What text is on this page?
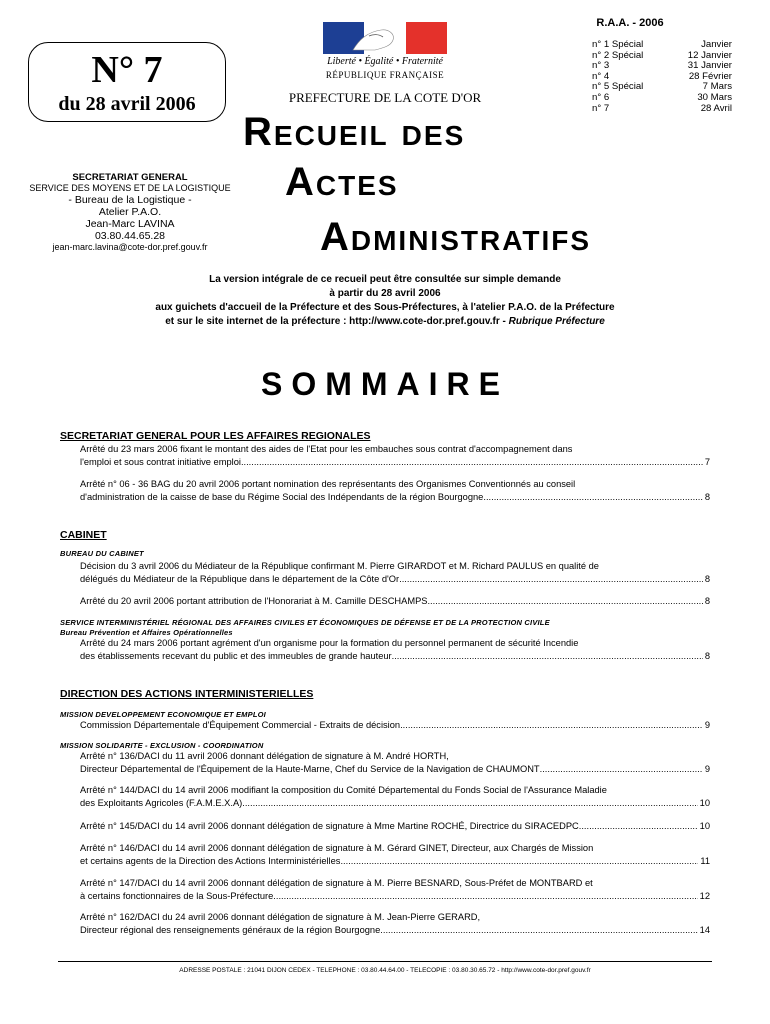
N° 7
du 28 avril 2006
Liberté • Égalité • Fraternité
RÉPUBLIQUE FRANÇAISE
PREFECTURE DE LA COTE D'OR
R.A.A. - 2006
n° 1 Spécial	Janvier
n° 2 Spécial	12 Janvier
n° 3	31 Janvier
n° 4	28 Février
n° 5 Spécial	7 Mars
n° 6	30 Mars
n° 7	28 Avril
Recueil des
Actes
Administratifs
SECRETARIAT GENERAL
SERVICE DES MOYENS ET DE LA LOGISTIQUE
- Bureau de la Logistique -
Atelier P.A.O.
Jean-Marc LAVINA
03.80.44.65.28
jean-marc.lavina@cote-dor.pref.gouv.fr
La version intégrale de ce recueil peut être consultée sur simple demande
à partir du 28 avril 2006
aux guichets d'accueil de la Préfecture et des Sous-Préfectures, à l'atelier P.A.O. de la Préfecture
et sur le site internet de la préfecture : http://www.cote-dor.pref.gouv.fr - Rubrique Préfecture
SOMMAIRE
SECRETARIAT GENERAL POUR LES AFFAIRES REGIONALES
Arrêté du 23 mars 2006 fixant le montant des aides de l'Etat pour les embauches sous contrat d'accompagnement dans
l'emploi et sous contrat initiative emploi .....	7
Arrêté n° 06 - 36 BAG du 20 avril 2006 portant nomination des représentants des Organismes Conventionnés au conseil
d'administration de la caisse de base du Régime Social des Indépendants de la région Bourgogne .....	8
CABINET
BUREAU DU CABINET
Décision du 3 avril 2006 du Médiateur de la République confirmant M. Pierre GIRARDOT et M. Richard PAULUS en qualité de
délégués du Médiateur de la République dans le département de la Côte d'Or .....	8
Arrêté du 20 avril 2006 portant attribution de l'Honorariat à M. Camille DESCHAMPS .....	8
SERVICE INTERMINISTÉRIEL RÉGIONAL DES AFFAIRES CIVILES ET ÉCONOMIQUES DE DÉFENSE ET DE LA PROTECTION CIVILE
Bureau Prévention et Affaires Opérationnelles
Arrêté du 24 mars 2006 portant agrément d'un organisme pour la formation du personnel permanent de sécurité Incendie
des établissements recevant du public et des immeubles de grande hauteur .....	8
DIRECTION DES ACTIONS INTERMINISTERIELLES
MISSION DEVELOPPEMENT ECONOMIQUE ET EMPLOI
Commission Départementale d'Équipement Commercial - Extraits de décision .....	9
MISSION SOLIDARITE - EXCLUSION - COORDINATION
Arrêté n° 136/DACI du 11 avril 2006 donnant délégation de signature à M. André HORTH,
Directeur Départemental de l'Équipement de la Haute-Marne, Chef du Service de la Navigation de CHAUMONT .....	9
Arrêté n° 144/DACI du 14 avril 2006 modifiant la composition du Comité Départemental du Fonds Social de l'Assurance Maladie
des Exploitants Agricoles (F.A.M.E.X.A) .....	10
Arrêté n° 145/DACI du 14 avril 2006 donnant délégation de signature à Mme Martine ROCHÉ, Directrice du SIRACEDPC .....	10
Arrêté n° 146/DACI du 14 avril 2006 donnant délégation de signature à M. Gérard GINET, Directeur, aux Chargés de Mission
et certains agents de la Direction des Actions Interministérielles .....	11
Arrêté n° 147/DACI du 14 avril 2006 donnant délégation de signature à M. Pierre BESNARD, Sous-Préfet de MONTBARD et
à certains fonctionnaires de la Sous-Préfecture .....	12
Arrêté n° 162/DACI du 24 avril 2006 donnant délégation de signature à M. Jean-Pierre GERARD,
Directeur régional des renseignements généraux de la région Bourgogne .....	14
ADRESSE POSTALE : 21041 DIJON CEDEX - TELEPHONE : 03.80.44.64.00 - TELECOPIE : 03.80.30.65.72 - http://www.cote-dor.pref.gouv.fr
